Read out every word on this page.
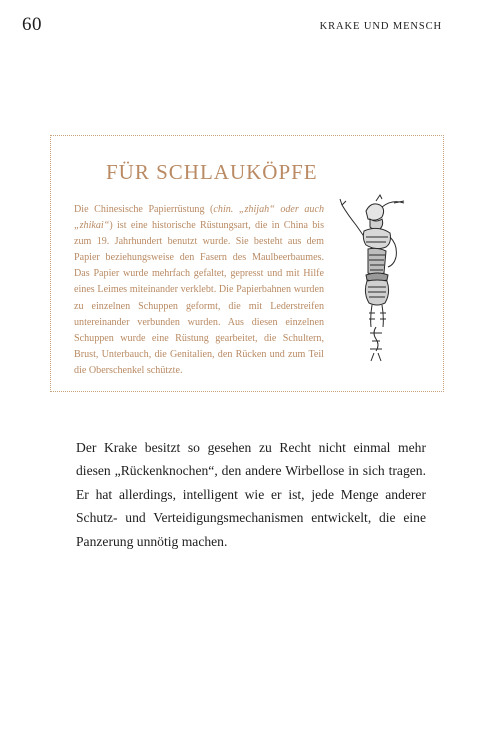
60	KRAKE UND MENSCH
FÜR SCHLAUKÖPFE
Die Chinesische Papierrüstung (chin. „zhijah“ oder auch „zhikai“) ist eine historische Rüstungsart, die in China bis zum 19. Jahrhundert benutzt wurde. Sie besteht aus dem Papier beziehungsweise den Fasern des Maulbeerbaumes. Das Papier wurde mehrfach gefaltet, gepresst und mit Hilfe eines Leimes miteinander verklebt. Die Papierbahnen wurden zu einzelnen Schuppen geformt, die mit Lederstreifen untereinander verbunden wurden. Aus diesen einzelnen Schuppen wurde eine Rüstung gearbeitet, die Schultern, Brust, Unterbauch, die Genitalien, den Rücken und zum Teil die Oberschenkel schützte.
Der Krake besitzt so gesehen zu Recht nicht einmal mehr diesen „Rückenknochen“, den andere Wirbellose in sich tragen. Er hat allerdings, intelligent wie er ist, jede Menge anderer Schutz- und Verteidigungsmechanismen entwickelt, die eine Panzerung unnötig machen.
